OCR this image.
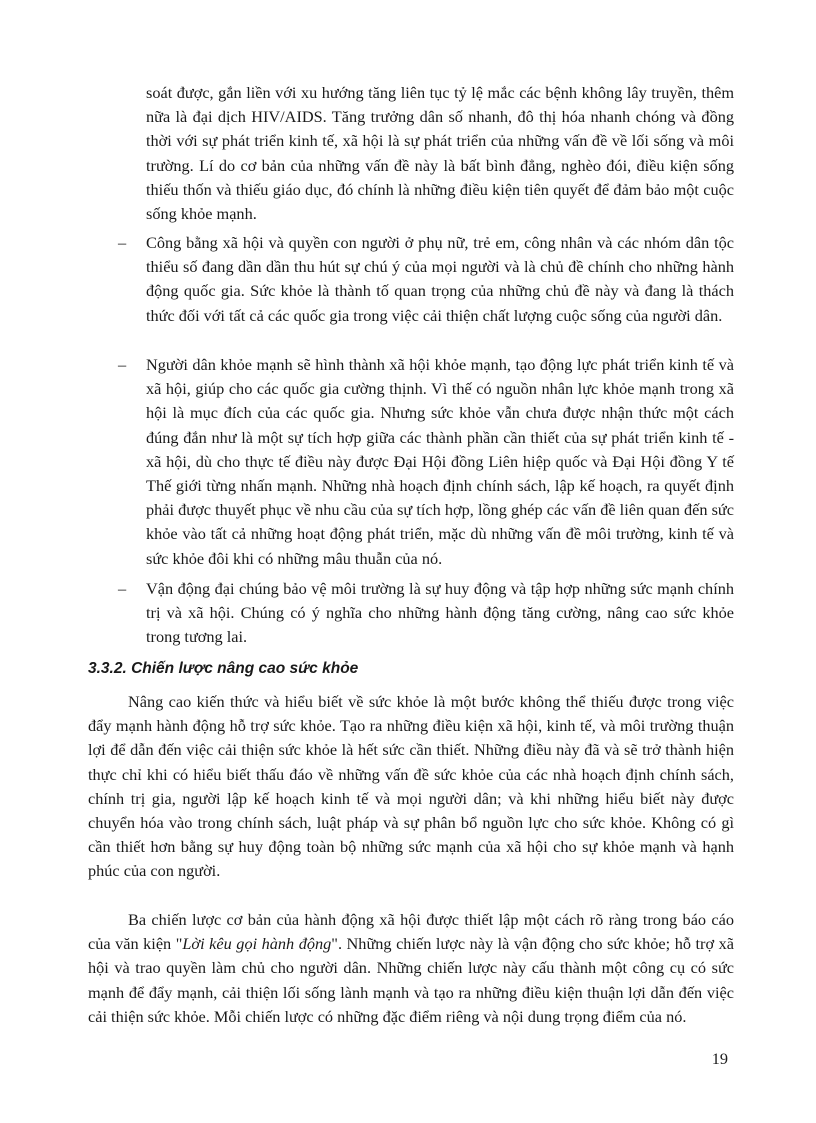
soát được, gắn liền với xu hướng tăng liên tục tỷ lệ mắc các bệnh không lây truyền, thêm nữa là đại dịch HIV/AIDS. Tăng trưởng dân số nhanh, đô thị hóa nhanh chóng và đồng thời với sự phát triển kinh tế, xã hội là sự phát triển của những vấn đề về lối sống và môi trường. Lí do cơ bản của những vấn đề này là bất bình đẳng, nghèo đói, điều kiện sống thiếu thốn và thiếu giáo dục, đó chính là những điều kiện tiên quyết để đảm bảo một cuộc sống khỏe mạnh.

– Công bằng xã hội và quyền con người ở phụ nữ, trẻ em, công nhân và các nhóm dân tộc thiểu số đang dần dần thu hút sự chú ý của mọi người và là chủ đề chính cho những hành động quốc gia. Sức khỏe là thành tố quan trọng của những chủ đề này và đang là thách thức đối với tất cả các quốc gia trong việc cải thiện chất lượng cuộc sống của người dân.
– Người dân khỏe mạnh sẽ hình thành xã hội khỏe mạnh, tạo động lực phát triển kinh tế và xã hội, giúp cho các quốc gia cường thịnh. Vì thế có nguồn nhân lực khỏe mạnh trong xã hội là mục đích của các quốc gia. Nhưng sức khỏe vẫn chưa được nhận thức một cách đúng đắn như là một sự tích hợp giữa các thành phần cần thiết của sự phát triển kinh tế - xã hội, dù cho thực tế điều này được Đại Hội đồng Liên hiệp quốc và Đại Hội đồng Y tế Thế giới từng nhấn mạnh. Những nhà hoạch định chính sách, lập kế hoạch, ra quyết định phải được thuyết phục về nhu cầu của sự tích hợp, lồng ghép các vấn đề liên quan đến sức khỏe vào tất cả những hoạt động phát triển, mặc dù những vấn đề môi trường, kinh tế và sức khỏe đôi khi có những mâu thuẫn của nó.
– Vận động đại chúng bảo vệ môi trường là sự huy động và tập hợp những sức mạnh chính trị và xã hội. Chúng có ý nghĩa cho những hành động tăng cường, nâng cao sức khỏe trong tương lai.
3.3.2. Chiến lược nâng cao sức khỏe

Nâng cao kiến thức và hiểu biết về sức khỏe là một bước không thể thiếu được trong việc đẩy mạnh hành động hỗ trợ sức khỏe. Tạo ra những điều kiện xã hội, kinh tế, và môi trường thuận lợi để dẫn đến việc cải thiện sức khỏe là hết sức cần thiết. Những điều này đã và sẽ trở thành hiện thực chỉ khi có hiểu biết thấu đáo về những vấn đề sức khỏe của các nhà hoạch định chính sách, chính trị gia, người lập kế hoạch kinh tế và mọi người dân; và khi những hiểu biết này được chuyển hóa vào trong chính sách, luật pháp và sự phân bổ nguồn lực cho sức khỏe. Không có gì cần thiết hơn bằng sự huy động toàn bộ những sức mạnh của xã hội cho sự khỏe mạnh và hạnh phúc của con người.

Ba chiến lược cơ bản của hành động xã hội được thiết lập một cách rõ ràng trong báo cáo của văn kiện "Lời kêu gọi hành động". Những chiến lược này là vận động cho sức khỏe; hỗ trợ xã hội và trao quyền làm chủ cho người dân. Những chiến lược này cấu thành một công cụ có sức mạnh để đẩy mạnh, cải thiện lối sống lành mạnh và tạo ra những điều kiện thuận lợi dẫn đến việc cải thiện sức khỏe. Mỗi chiến lược có những đặc điểm riêng và nội dung trọng điểm của nó.

19
